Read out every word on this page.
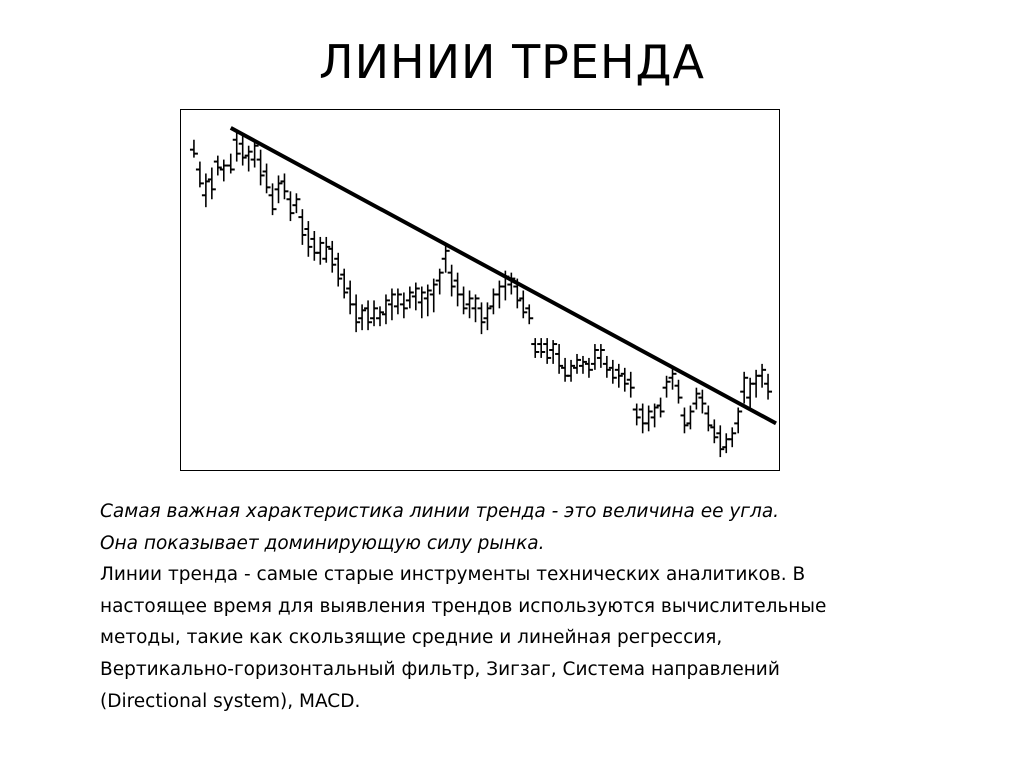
ЛИНИИ ТРЕНДА

Самая важная характеристика линии тренда - это величина ее угла.

Она показывает доминирующую силу рынка.

Линии тренда - самые старые инструменты технических аналитиков. В

настоящее время для выявления трендов используются вычислительные

методы, такие как скользящие средние и линейная регрессия,

Вертикально-горизонтальный фильтр, Зигзаг, Система направлений

(Directional system), MACD.
